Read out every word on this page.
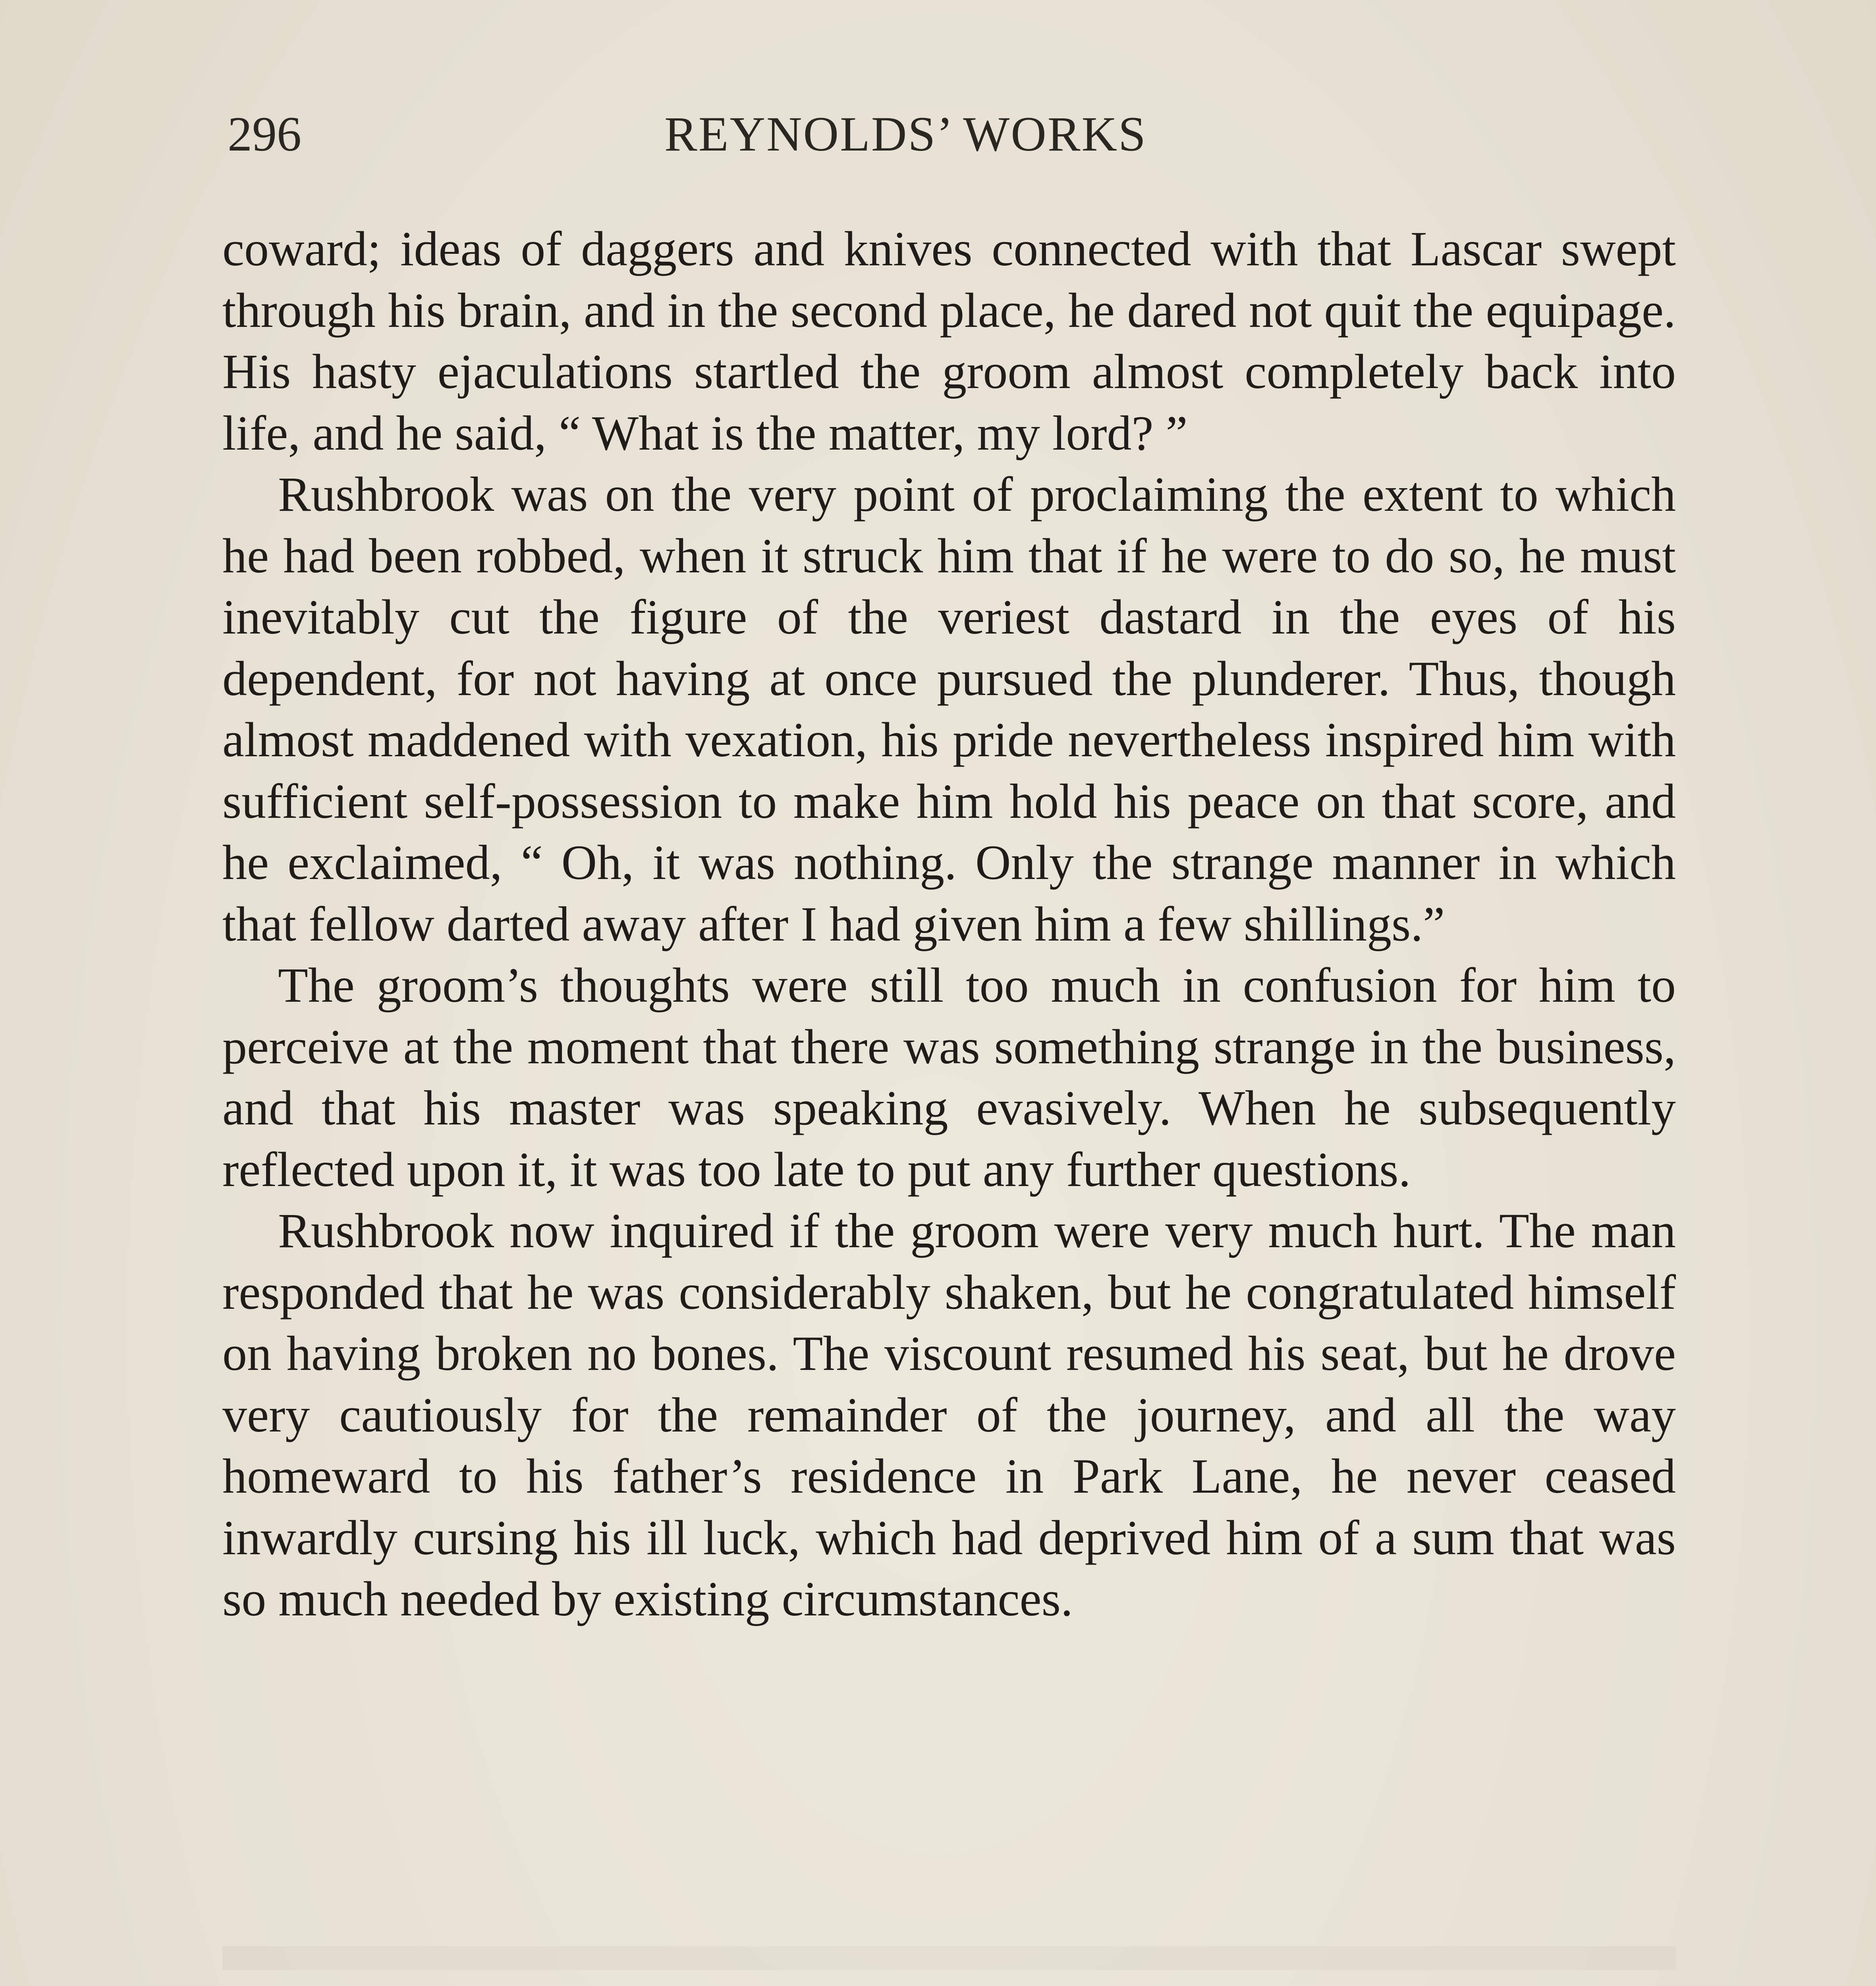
296	REYNOLDS’ WORKS

coward; ideas of daggers and knives connected with that Lascar swept through his brain, and in the second place, he dared not quit the equipage. His hasty ejaculations startled the groom almost completely back into life, and he said, “ What is the matter, my lord? ”

Rushbrook was on the very point of proclaiming the extent to which he had been robbed, when it struck him that if he were to do so, he must inevitably cut the figure of the veriest dastard in the eyes of his dependent, for not having at once pursued the plunderer. Thus, though almost maddened with vexation, his pride nevertheless inspired him with sufficient self-possession to make him hold his peace on that score, and he exclaimed, “ Oh, it was nothing. Only the strange manner in which that fellow darted away after I had given him a few shillings.”

The groom’s thoughts were still too much in confusion for him to perceive at the moment that there was something strange in the business, and that his master was speaking evasively. When he subsequently reflected upon it, it was too late to put any further questions.

Rushbrook now inquired if the groom were very much hurt. The man responded that he was considerably shaken, but he congratulated himself on having broken no bones. The viscount resumed his seat, but he drove very cautiously for the remainder of the journey, and all the way homeward to his father’s residence in Park Lane, he never ceased inwardly cursing his ill luck, which had deprived him of a sum that was so much needed by existing circumstances.
